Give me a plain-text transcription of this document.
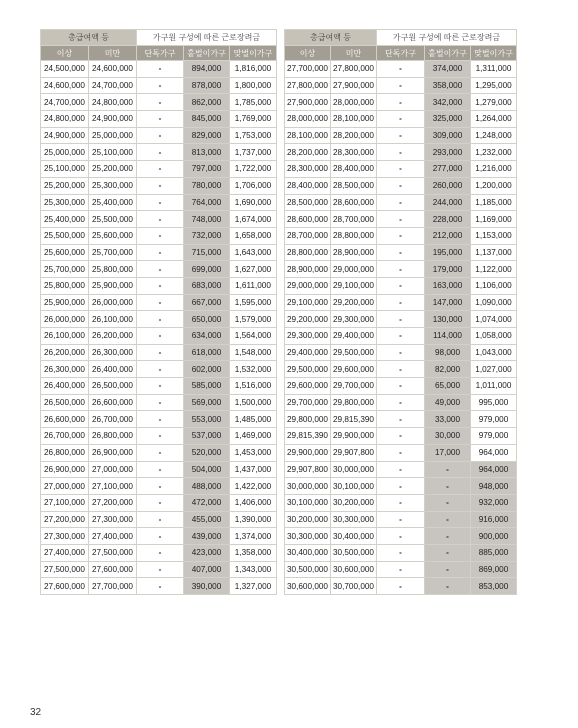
총급여액 등		가구원 구성에 따른 근로장려금		
이상	미만	단독가구	홑벌이가구	맞벌이가구
24,500,000	24,600,000	-	894,000	1,816,000
24,600,000	24,700,000	-	878,000	1,800,000
24,700,000	24,800,000	-	862,000	1,785,000
24,800,000	24,900,000	-	845,000	1,769,000
24,900,000	25,000,000	-	829,000	1,753,000
25,000,000	25,100,000	-	813,000	1,737,000
25,100,000	25,200,000	-	797,000	1,722,000
25,200,000	25,300,000	-	780,000	1,706,000
25,300,000	25,400,000	-	764,000	1,690,000
25,400,000	25,500,000	-	748,000	1,674,000
25,500,000	25,600,000	-	732,000	1,658,000
25,600,000	25,700,000	-	715,000	1,643,000
25,700,000	25,800,000	-	699,000	1,627,000
25,800,000	25,900,000	-	683,000	1,611,000
25,900,000	26,000,000	-	667,000	1,595,000
26,000,000	26,100,000	-	650,000	1,579,000
26,100,000	26,200,000	-	634,000	1,564,000
26,200,000	26,300,000	-	618,000	1,548,000
26,300,000	26,400,000	-	602,000	1,532,000
26,400,000	26,500,000	-	585,000	1,516,000
26,500,000	26,600,000	-	569,000	1,500,000
26,600,000	26,700,000	-	553,000	1,485,000
26,700,000	26,800,000	-	537,000	1,469,000
26,800,000	26,900,000	-	520,000	1,453,000
26,900,000	27,000,000	-	504,000	1,437,000
27,000,000	27,100,000	-	488,000	1,422,000
27,100,000	27,200,000	-	472,000	1,406,000
27,200,000	27,300,000	-	455,000	1,390,000
27,300,000	27,400,000	-	439,000	1,374,000
27,400,000	27,500,000	-	423,000	1,358,000
27,500,000	27,600,000	-	407,000	1,343,000
27,600,000	27,700,000	-	390,000	1,327,000
총급여액 등		가구원 구성에 따른 근로장려금		
이상	미만	단독가구	홑벌이가구	맞벌이가구
27,700,000	27,800,000	-	374,000	1,311,000
27,800,000	27,900,000	-	358,000	1,295,000
27,900,000	28,000,000	-	342,000	1,279,000
28,000,000	28,100,000	-	325,000	1,264,000
28,100,000	28,200,000	-	309,000	1,248,000
28,200,000	28,300,000	-	293,000	1,232,000
28,300,000	28,400,000	-	277,000	1,216,000
28,400,000	28,500,000	-	260,000	1,200,000
28,500,000	28,600,000	-	244,000	1,185,000
28,600,000	28,700,000	-	228,000	1,169,000
28,700,000	28,800,000	-	212,000	1,153,000
28,800,000	28,900,000	-	195,000	1,137,000
28,900,000	29,000,000	-	179,000	1,122,000
29,000,000	29,100,000	-	163,000	1,106,000
29,100,000	29,200,000	-	147,000	1,090,000
29,200,000	29,300,000	-	130,000	1,074,000
29,300,000	29,400,000	-	114,000	1,058,000
29,400,000	29,500,000	-	98,000	1,043,000
29,500,000	29,600,000	-	82,000	1,027,000
29,600,000	29,700,000	-	65,000	1,011,000
29,700,000	29,800,000	-	49,000	995,000
29,800,000	29,815,390	-	33,000	979,000
29,815,390	29,900,000	-	30,000	979,000
29,900,000	29,907,800	-	17,000	964,000
29,907,800	30,000,000	-	-	964,000
30,000,000	30,100,000	-	-	948,000
30,100,000	30,200,000	-	-	932,000
30,200,000	30,300,000	-	-	916,000
30,300,000	30,400,000	-	-	900,000
30,400,000	30,500,000	-	-	885,000
30,500,000	30,600,000	-	-	869,000
30,600,000	30,700,000	-	-	853,000
32
